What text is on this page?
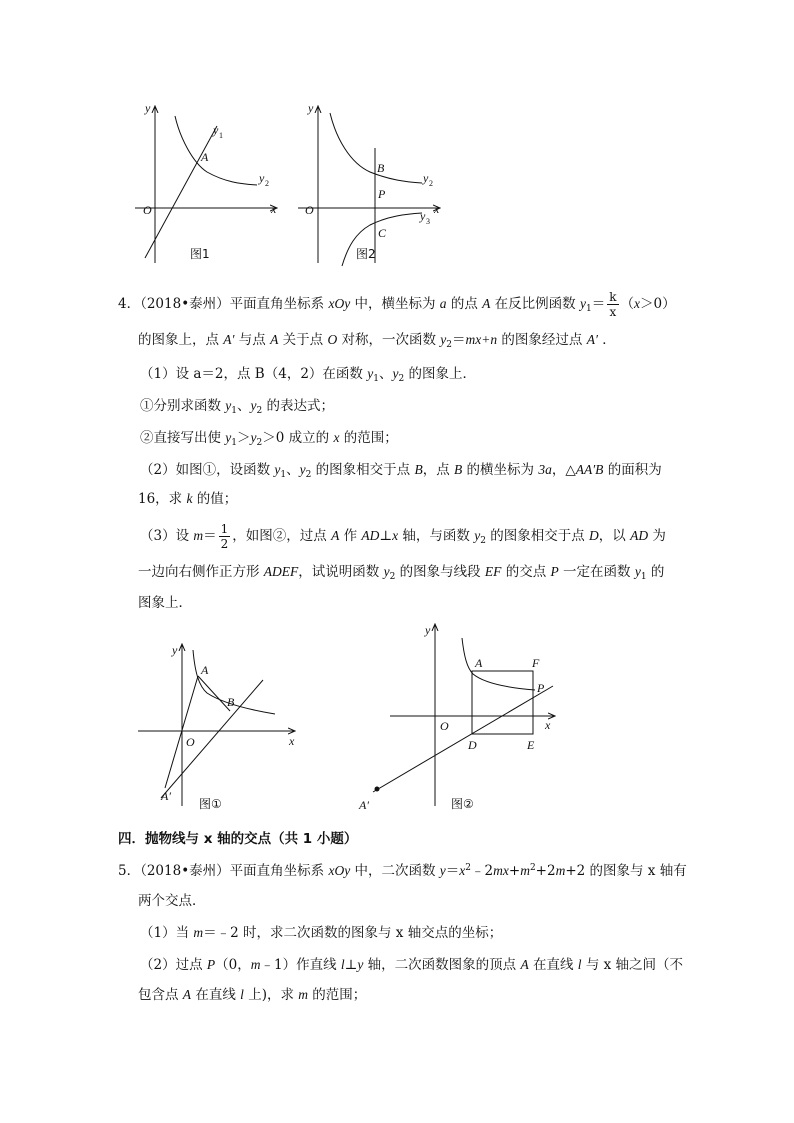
y
x
O
A
y 1
y 2
图1
y
x
O
B
P
C
y 2
y 3
图2
4．（2018•泰州）平面直角坐标系 xOy 中，横坐标为 a 的点 A 在反比例函数 $y_1= \frac{k}{x} (x>0)$
的图象上，点 A′ 与点 A 关于点 O 对称，一次函数 $y_2=mx+n$ 的图象经过点 A′ ．
（1）设 a＝2，点 B（4，2）在函数 $y_1$、$y_2$ 的图象上．
①分别求函数 $y_1$、$y_2$ 的表达式；
②直接写出使 $y_1>y_2>0$ 成立的 x 的范围；
（2）如图①，设函数 $y_1$、$y_2$ 的图象相交于点 B，点 B 的横坐标为 3a，△AA′B 的面积为
16，求 k 的值；
（3）设 $m= \frac{1}{2}$ ，如图②，过点 A 作 AD⊥x 轴，与函数 $y_2$ 的图象相交于点 D，以 AD 为
一边向右侧作正方形 ADEF，试说明函数 $y_2$ 的图象与线段 EF 的交点 P 一定在函数 $y_1$ 的
图象上．
y
x
O
A
B
A′
图①
y
x
O
A	F
P
D	E
A′	图②
四．抛物线与 x 轴的交点（共 1 小题）
5．（2018•泰州）平面直角坐标系 xOy 中，二次函数 $y=x^2﹣2mx+m^2+2m+2$ 的图象与 x 轴有
两个交点．
（1）当 m＝﹣2 时，求二次函数的图象与 x 轴交点的坐标；
（2）过点 P（0，m﹣1）作直线 l⊥y 轴，二次函数图象的顶点 A 在直线 l 与 x 轴之间（不
包含点 A 在直线 l 上)，求 m 的范围；
